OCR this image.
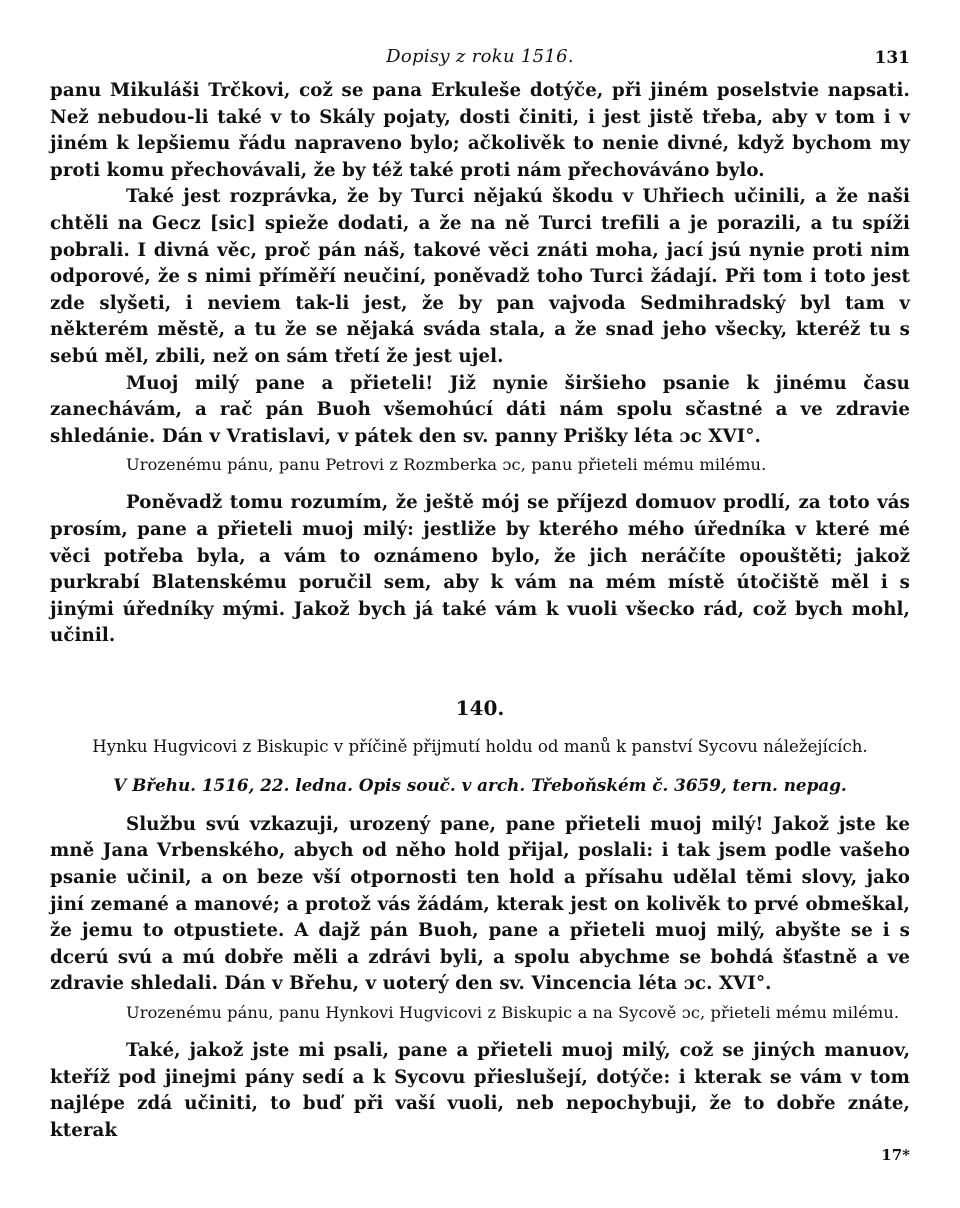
Dopisy z roku 1516.	131

panu Mikuláši Trčkovi, což se pana Erkuleše dotýče, při jiném poselstvie napsati. Než nebudou-li také v to Skály pojaty, dosti činiti, i jest jistě třeba, aby v tom i v jiném k lepšiemu řádu napraveno bylo; ačkolivěk to nenie divné, když bychom my proti komu přechovávali, že by též také proti nám přechováváno bylo.

Také jest rozprávka, že by Turci nějakú škodu v Uhřiech učinili, a že naši chtěli na Gecz [sic] spieže dodati, a že na ně Turci trefili a je porazili, a tu spíži pobrali. I divná věc, proč pán náš, takové věci znáti moha, jací jsú nynie proti nim odporové, že s nimi příměří neučiní, poněvadž toho Turci žádají. Při tom i toto jest zde slyšeti, i neviem tak-li jest, že by pan vajvoda Sedmihradský byl tam v některém městě, a tu že se nějaká sváda stala, a že snad jeho všecky, kteréž tu s sebú měl, zbili, než on sám třetí že jest ujel.

Muoj milý pane a přieteli! Již nynie širšieho psanie k jinému času zanechávám, a rač pán Buoh všemohúcí dáti nám spolu sčastné a ve zdravie shledánie. Dán v Vratislavi, v pátek den sv. panny Prišky léta ɔc XVI°.

Urozenému pánu, panu Petrovi z Rozmberka ɔc, panu přieteli mému milému.

Poněvadž tomu rozumím, že ještě mój se příjezd domuov prodlí, za toto vás prosím, pane a přieteli muoj milý: jestliže by kterého mého úředníka v které mé věci potřeba byla, a vám to oznámeno bylo, že jich neráčíte opouštěti; jakož purkrabí Blatenskému poručil sem, aby k vám na mém místě útočiště měl i s jinými úředníky mými. Jakož bych já také vám k vuoli všecko rád, což bych mohl, učinil.

140.
Hynku Hugvicovi z Biskupic v příčině přijmutí holdu od manů k panství Sycovu náležejících.
V Břehu. 1516, 22. ledna. Opis souč. v arch. Třeboňském č. 3659, tern. nepag.

Službu svú vzkazuji, urozený pane, pane přieteli muoj milý! Jakož jste ke mně Jana Vrbenského, abych od něho hold přijal, poslali: i tak jsem podle vašeho psanie učinil, a on beze vší otpornosti ten hold a přísahu udělal těmi slovy, jako jiní zemané a manové; a protož vás žádám, kterak jest on kolivěk to prvé obmeškal, že jemu to otpustiete. A dajž pán Buoh, pane a přieteli muoj milý, abyšte se i s dcerú svú a mú dobře měli a zdrávi byli, a spolu abychme se bohdá šťastně a ve zdravie shledali. Dán v Břehu, v uoterý den sv. Vincencia léta ɔc. XVI°.

Urozenému pánu, panu Hynkovi Hugvicovi z Biskupic a na Sycově ɔc, přieteli mému milému.

Také, jakož jste mi psali, pane a přieteli muoj milý, což se jiných manuov, kteříž pod jinejmi pány sedí a k Sycovu přieslušejí, dotýče: i kterak se vám v tom najlépe zdá učiniti, to buď při vaší vuoli, neb nepochybuji, že to dobře znáte, kterak

17*
